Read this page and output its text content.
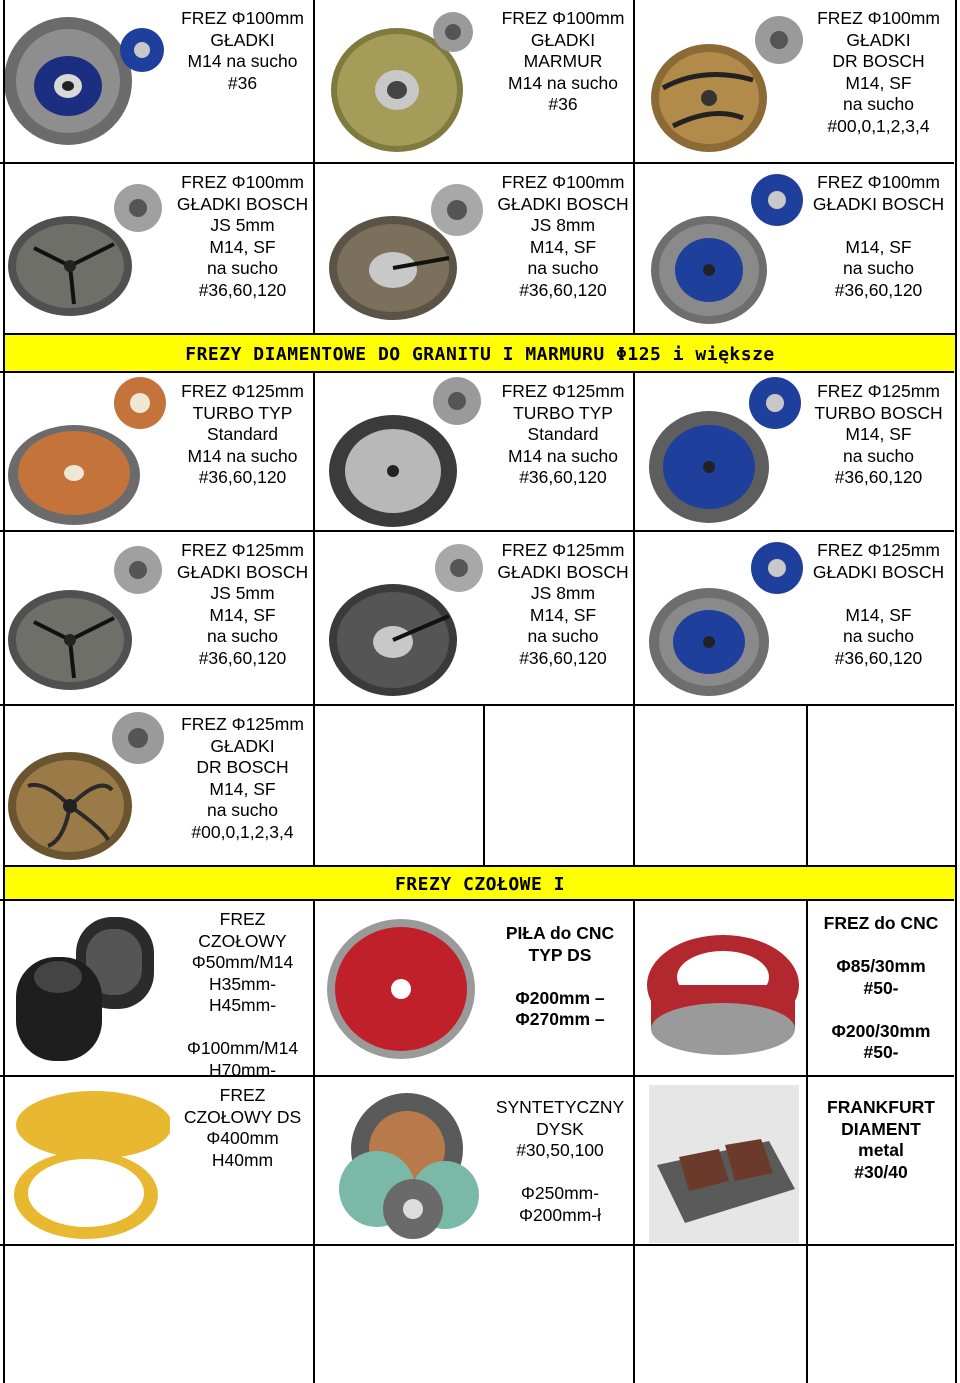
FREZ Φ100mm
GŁADKI
M14 na sucho
#36
FREZ Φ100mm
GŁADKI
MARMUR
M14 na sucho
#36
FREZ Φ100mm
GŁADKI
DR BOSCH
M14, SF
na sucho
#00,0,1,2,3,4
FREZ Φ100mm
GŁADKI BOSCH
JS 5mm
M14, SF
na sucho
#36,60,120
FREZ Φ100mm
GŁADKI BOSCH
JS 8mm
M14, SF
na sucho
#36,60,120
FREZ Φ100mm
GŁADKI BOSCH
M14, SF
na sucho
#36,60,120
FREZY DIAMENTOWE DO GRANITU I MARMURU Φ125 i większe
FREZ Φ125mm
TURBO TYP
Standard
M14 na sucho
#36,60,120
FREZ Φ125mm
TURBO TYP
Standard
M14 na sucho
#36,60,120
FREZ Φ125mm
TURBO BOSCH
M14, SF
na sucho
#36,60,120
FREZ Φ125mm
GŁADKI BOSCH
JS 5mm
M14, SF
na sucho
#36,60,120
FREZ Φ125mm
GŁADKI BOSCH
JS 8mm
M14, SF
na sucho
#36,60,120
FREZ Φ125mm
GŁADKI BOSCH
M14, SF
na sucho
#36,60,120
FREZ Φ125mm
GŁADKI
DR BOSCH
M14, SF
na sucho
#00,0,1,2,3,4
FREZY CZOŁOWE I
FREZ
CZOŁOWY
Φ50mm/M14
H35mm-
H45mm-
Φ100mm/M14
H70mm-
PIŁA do CNC
TYP DS
Φ200mm –
Φ270mm –
FREZ do CNC
Φ85/30mm
#50-
Φ200/30mm
#50-
FREZ
CZOŁOWY DS
Φ400mm
H40mm
SYNTETYCZNY
DYSK
#30,50,100
Φ250mm-
Φ200mm-ł
FRANKFURT
DIAMENT
metal
#30/40
